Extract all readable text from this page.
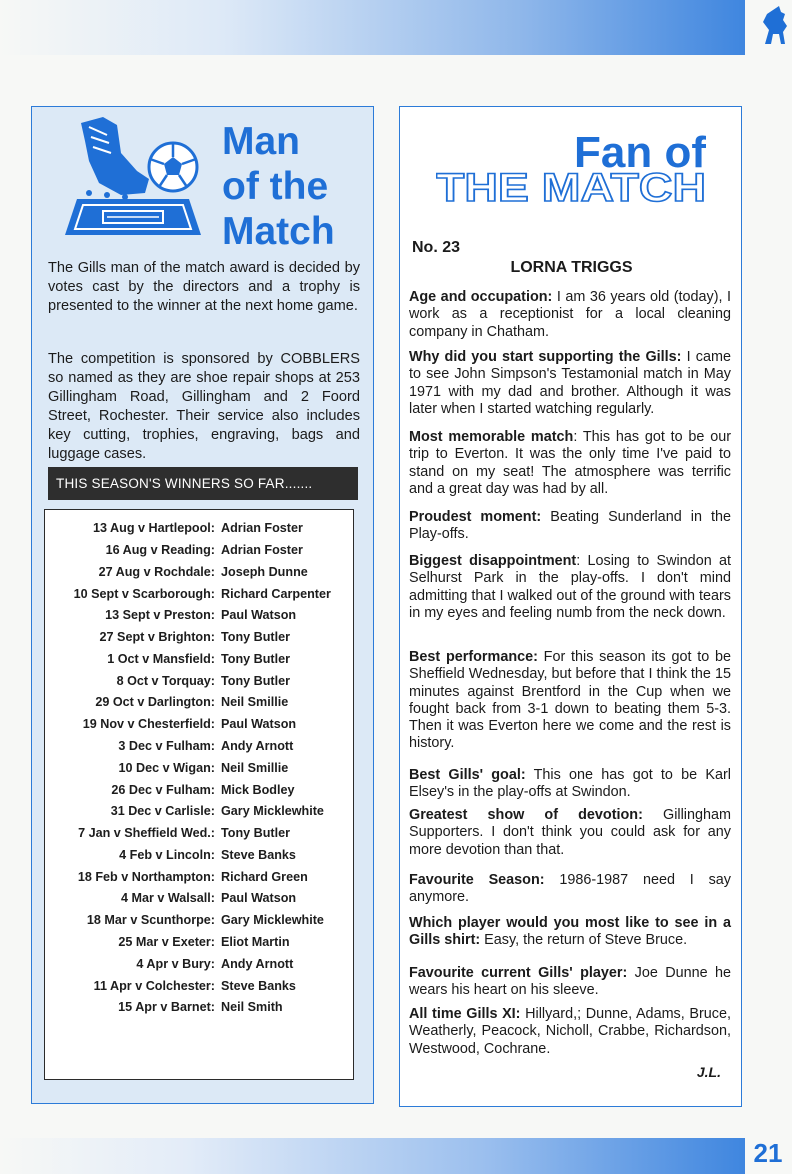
Man
of the
Match

The Gills man of the match award is decided by votes cast by the directors and a trophy is presented to the winner at the next home game.

The competition is sponsored by COBBLERS so named as they are shoe repair shops at 253 Gillingham Road, Gillingham and 2 Foord Street, Rochester. Their service also includes key cutting, trophies, engraving, bags and luggage cases.

THIS SEASON'S WINNERS SO FAR.......
13 Aug v Hartlepool: Adrian Foster
16 Aug v Reading: Adrian Foster
27 Aug v Rochdale: Joseph Dunne
10 Sept v Scarborough: Richard Carpenter
13 Sept v Preston: Paul Watson
27 Sept v Brighton: Tony Butler
1 Oct v Mansfield: Tony Butler
8 Oct v Torquay: Tony Butler
29 Oct v Darlington: Neil Smillie
19 Nov v Chesterfield: Paul Watson
3 Dec v Fulham: Andy Arnott
10 Dec v Wigan: Neil Smillie
26 Dec v Fulham: Mick Bodley
31 Dec v Carlisle: Gary Micklewhite
7 Jan v Sheffield Wed.: Tony Butler
4 Feb v Lincoln: Steve Banks
18 Feb v Northampton: Richard Green
4 Mar v Walsall: Paul Watson
18 Mar v Scunthorpe: Gary Micklewhite
25 Mar v Exeter: Eliot Martin
4 Apr v Bury: Andy Arnott
11 Apr v Colchester: Steve Banks
15 Apr v Barnet: Neil Smith
Fan of
THE MATCH
No. 23
LORNA TRIGGS

Age and occupation: I am 36 years old (today), I work as a receptionist for a local cleaning company in Chatham.

Why did you start supporting the Gills: I came to see John Simpson's Testamonial match in May 1971 with my dad and brother. Although it was later when I started watching regularly.

Most memorable match: This has got to be our trip to Everton. It was the only time I've paid to stand on my seat! The atmosphere was terrific and a great day was had by all.

Proudest moment: Beating Sunderland in the Play-offs.

Biggest disappointment: Losing to Swindon at Selhurst Park in the play-offs. I don't mind admitting that I walked out of the ground with tears in my eyes and feeling numb from the neck down.

Best performance: For this season its got to be Sheffield Wednesday, but before that I think the 15 minutes against Brentford in the Cup when we fought back from 3-1 down to beating them 5-3. Then it was Everton here we come and the rest is history.

Best Gills' goal: This one has got to be Karl Elsey's in the play-offs at Swindon.

Greatest show of devotion: Gillingham Supporters. I don't think you could ask for any more devotion than that.

Favourite Season: 1986-1987 need I say anymore.

Which player would you most like to see in a Gills shirt: Easy, the return of Steve Bruce.

Favourite current Gills' player: Joe Dunne he wears his heart on his sleeve.

All time Gills XI: Hillyard,; Dunne, Adams, Bruce, Weatherly, Peacock, Nicholl, Crabbe, Richardson, Westwood, Cochrane.

J.L.
21
